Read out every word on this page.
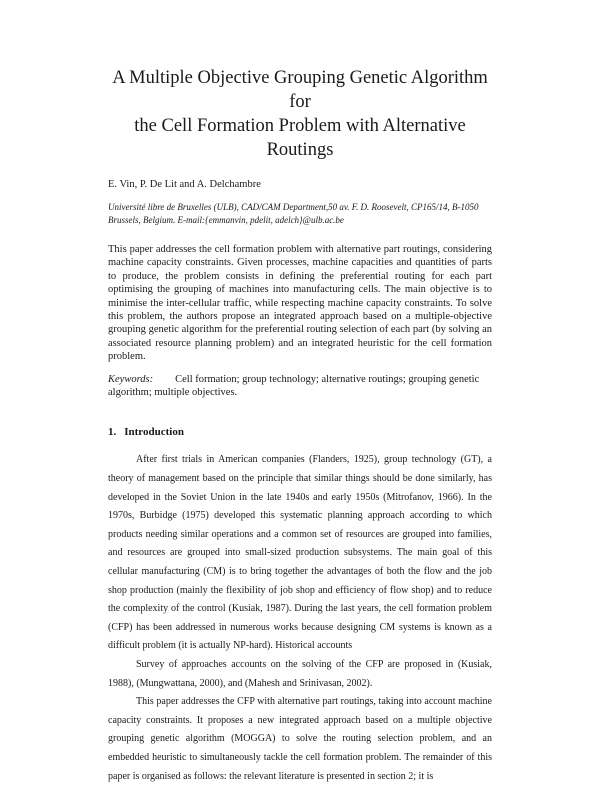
A Multiple Objective Grouping Genetic Algorithm for
the Cell Formation Problem with Alternative Routings
E. Vin, P. De Lit and A. Delchambre
Université libre de Bruxelles (ULB), CAD/CAM Department,50 av. F. D. Roosevelt, CP165/14, B-1050 Brussels, Belgium. E-mail:{emmanvin, pdelit, adelch}@ulb.ac.be
This paper addresses the cell formation problem with alternative part routings, considering machine capacity constraints. Given processes, machine capacities and quantities of parts to produce, the problem consists in defining the preferential routing for each part optimising the grouping of machines into manufacturing cells. The main objective is to minimise the inter-cellular traffic, while respecting machine capacity constraints. To solve this problem, the authors propose an integrated approach based on a multiple-objective grouping genetic algorithm for the preferential routing selection of each part (by solving an associated resource planning problem) and an integrated heuristic for the cell formation problem.
Keywords: Cell formation; group technology; alternative routings; grouping genetic algorithm; multiple objectives.
1. Introduction

After first trials in American companies (Flanders, 1925), group technology (GT), a theory of management based on the principle that similar things should be done similarly, has developed in the Soviet Union in the late 1940s and early 1950s (Mitrofanov, 1966). In the 1970s, Burbidge (1975) developed this systematic planning approach according to which products needing similar operations and a common set of resources are grouped into families, and resources are grouped into small-sized production subsystems. The main goal of this cellular manufacturing (CM) is to bring together the advantages of both the flow and the job shop production (mainly the flexibility of job shop and efficiency of flow shop) and to reduce the complexity of the control (Kusiak, 1987). During the last years, the cell formation problem (CFP) has been addressed in numerous works because designing CM systems is known as a difficult problem (it is actually NP-hard). Historical accounts

Survey of approaches accounts on the solving of the CFP are proposed in (Kusiak, 1988), (Mungwattana, 2000), and (Mahesh and Srinivasan, 2002).

This paper addresses the CFP with alternative part routings, taking into account machine capacity constraints. It proposes a new integrated approach based on a multiple objective grouping genetic algorithm (MOGGA) to solve the routing selection problem, and an embedded heuristic to simultaneously tackle the cell formation problem. The remainder of this paper is organised as follows: the relevant literature is presented in section 2; it is
